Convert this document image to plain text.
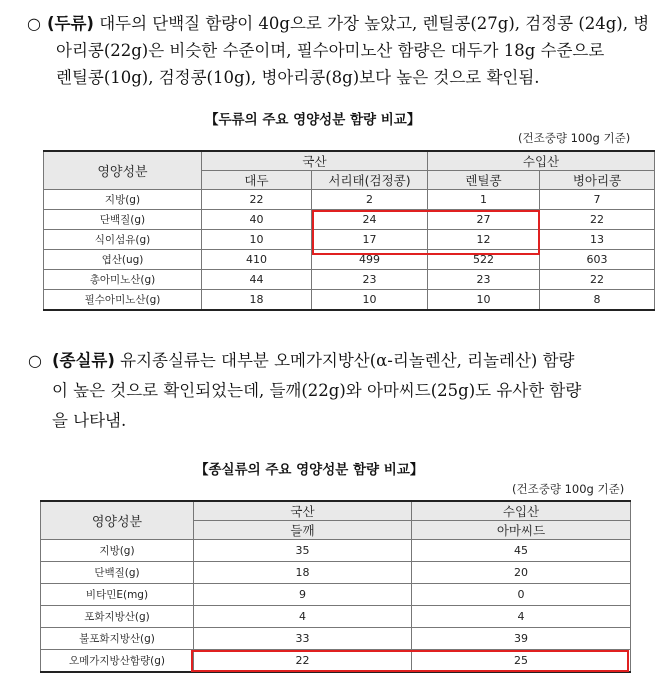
○ (두류) 대두의 단백질 함량이 40g으로 가장 높았고, 렌틸콩(27g), 검정콩 (24g), 병
아리콩(22g)은 비슷한 수준이며, 필수아미노산 함량은 대두가 18g 수준으로
렌틸콩(10g), 검정콩(10g), 병아리콩(8g)보다 높은 것으로 확인됨.
【두류의 주요 영양성분 함량 비교】
(건조중량 100g 기준)
영양성분	국산		수입산	
	대두	서리태(검정콩)	렌틸콩	병아리콩
지방(g)	22	2	1	7
단백질(g)	40	24	27	22
식이섬유(g)	10	17	12	13
엽산(ug)	410	499	522	603
총아미노산(g)	44	23	23	22
필수아미노산(g)	18	10	10	8
○ (종실류) 유지종실류는 대부분 오메가지방산(α-리놀렌산, 리놀레산) 함량
이 높은 것으로 확인되었는데, 들깨(22g)와 아마씨드(25g)도 유사한 함량
을 나타냄.
【종실류의 주요 영양성분 함량 비교】
(건조중량 100g 기준)
영양성분	국산	수입산
	들깨	아마씨드
지방(g)	35	45
단백질(g)	18	20
비타민E(mg)	9	0
포화지방산(g)	4	4
불포화지방산(g)	33	39
오메가지방산함량(g)	22	25
